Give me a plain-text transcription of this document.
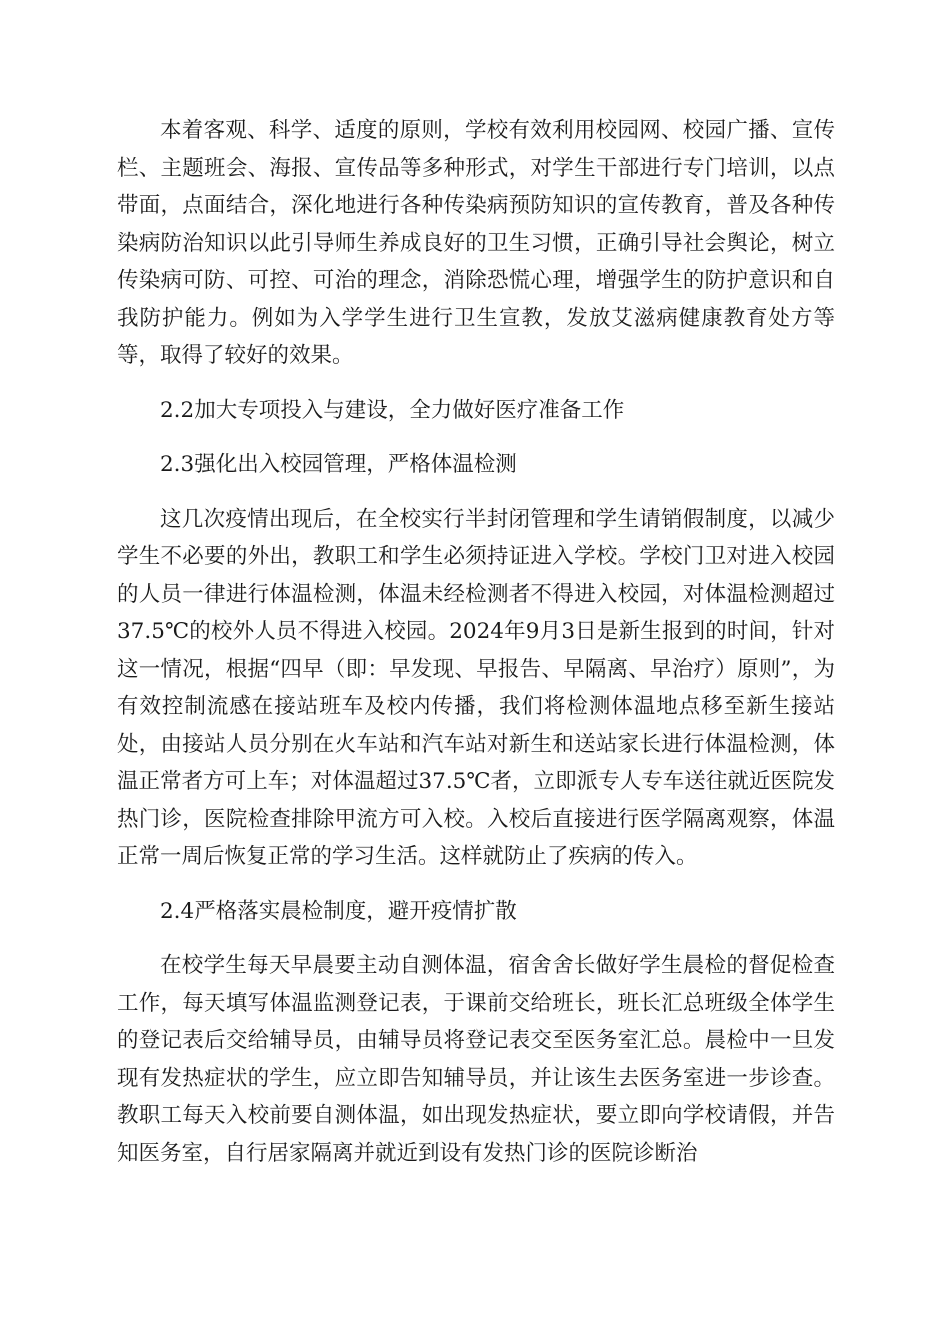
本着客观、科学、适度的原则，学校有效利用校园网、校园广播、宣传栏、主题班会、海报、宣传品等多种形式，对学生干部进行专门培训，以点带面，点面结合，深化地进行各种传染病预防知识的宣传教育，普及各种传染病防治知识以此引导师生养成良好的卫生习惯，正确引导社会舆论，树立传染病可防、可控、可治的理念，消除恐慌心理，增强学生的防护意识和自我防护能力。例如为入学学生进行卫生宣教，发放艾滋病健康教育处方等等，取得了较好的效果。

2.2加大专项投入与建设，全力做好医疗准备工作

2.3强化出入校园管理，严格体温检测

这几次疫情出现后，在全校实行半封闭管理和学生请销假制度，以减少学生不必要的外出，教职工和学生必须持证进入学校。学校门卫对进入校园的人员一律进行体温检测，体温未经检测者不得进入校园，对体温检测超过37.5℃的校外人员不得进入校园。2024年9月3日是新生报到的时间，针对这一情况，根据“四早（即：早发现、早报告、早隔离、早治疗）原则”，为有效控制流感在接站班车及校内传播，我们将检测体温地点移至新生接站处，由接站人员分别在火车站和汽车站对新生和送站家长进行体温检测，体温正常者方可上车；对体温超过37.5℃者，立即派专人专车送往就近医院发热门诊，医院检查排除甲流方可入校。入校后直接进行医学隔离观察，体温正常一周后恢复正常的学习生活。这样就防止了疾病的传入。

2.4严格落实晨检制度，避开疫情扩散

在校学生每天早晨要主动自测体温，宿舍舍长做好学生晨检的督促检查工作，每天填写体温监测登记表，于课前交给班长，班长汇总班级全体学生的登记表后交给辅导员，由辅导员将登记表交至医务室汇总。晨检中一旦发现有发热症状的学生，应立即告知辅导员，并让该生去医务室进一步诊查。教职工每天入校前要自测体温，如出现发热症状，要立即向学校请假，并告知医务室，自行居家隔离并就近到设有发热门诊的医院诊断治
